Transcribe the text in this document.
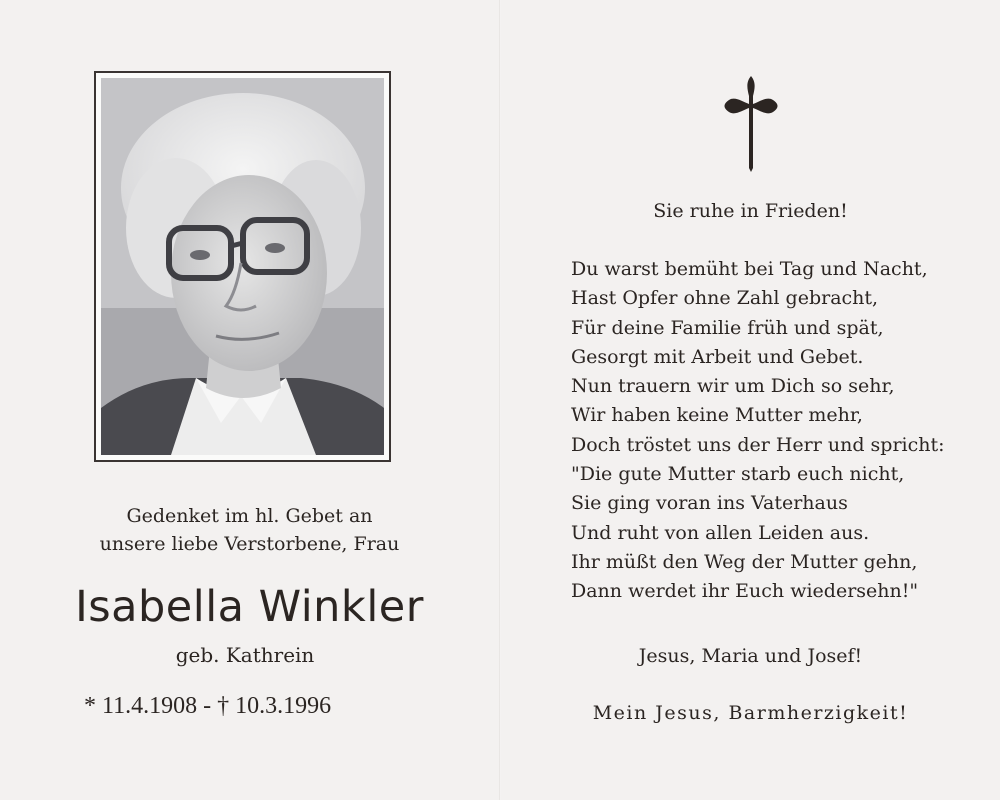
Gedenket im hl. Gebet an
unsere liebe Verstorbene, Frau
Isabella Winkler
geb. Kathrein
* 11.4.1908 - † 10.3.1996
Sie ruhe in Frieden!
Du warst bemüht bei Tag und Nacht,
Hast Opfer ohne Zahl gebracht,
Für deine Familie früh und spät,
Gesorgt mit Arbeit und Gebet.
Nun trauern wir um Dich so sehr,
Wir haben keine Mutter mehr,
Doch tröstet uns der Herr und spricht:
"Die gute Mutter starb euch nicht,
Sie ging voran ins Vaterhaus
Und ruht von allen Leiden aus.
Ihr müßt den Weg der Mutter gehn,
Dann werdet ihr Euch wiedersehn!"
Jesus, Maria und Josef!
Mein Jesus, Barmherzigkeit!
